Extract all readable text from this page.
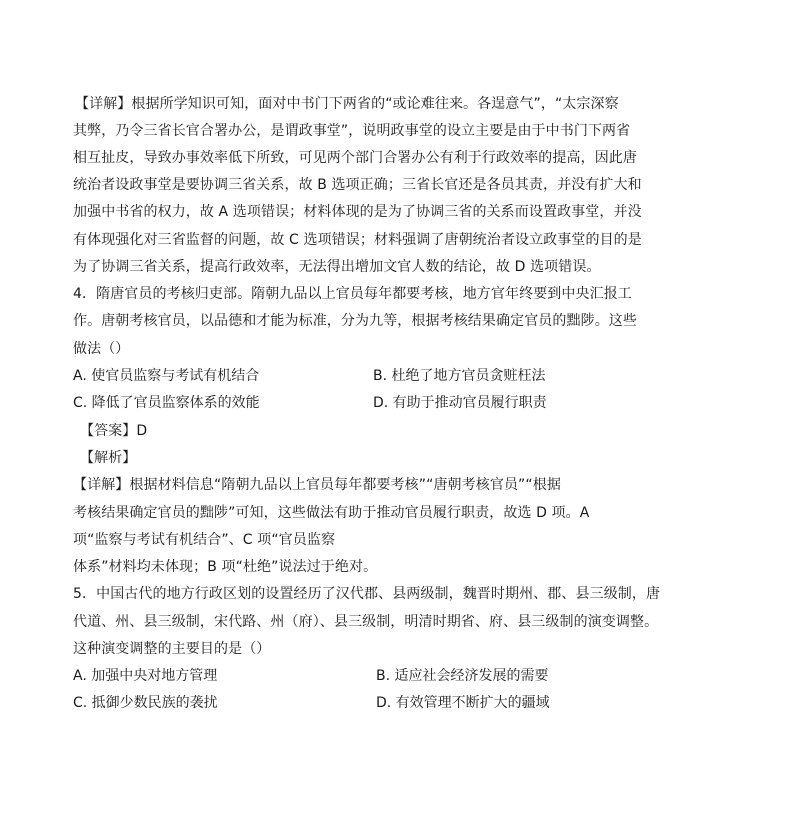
【详解】根据所学知识可知，面对中书门下两省的“或论难往来。各逞意气”，“太宗深察
其弊，乃令三省长官合署办公，是谓政事堂”，说明政事堂的设立主要是由于中书门下两省
相互扯皮，导致办事效率低下所致，可见两个部门合署办公有利于行政效率的提高，因此唐
统治者设政事堂是要协调三省关系，故 B 选项正确；三省长官还是各员其责，并没有扩大和
加强中书省的权力，故 A 选项错误；材料体现的是为了协调三省的关系而设置政事堂，并没
有体现强化对三省监督的问题，故 C 选项错误；材料强调了唐朝统治者设立政事堂的目的是
为了协调三省关系，提高行政效率，无法得出增加文官人数的结论，故 D 选项错误。
4．隋唐官员的考核归吏部。隋朝九品以上官员每年都要考核，地方官年终要到中央汇报工
作。唐朝考核官员，以品德和才能为标准，分为九等，根据考核结果确定官员的黜陟。这些
做法（）
A. 使官员监察与考试有机结合	B. 杜绝了地方官员贪赃枉法
C. 降低了官员监察体系的效能	D. 有助于推动官员履行职责
【答案】D
【解析】
【详解】根据材料信息“隋朝九品以上官员每年都要考核”“唐朝考核官员”“根据
考核结果确定官员的黜陟”可知，这些做法有助于推动官员履行职责，故选 D 项。A
项“监察与考试有机结合”、C 项“官员监察
体系”材料均未体现；B 项“杜绝”说法过于绝对。
5．中国古代的地方行政区划的设置经历了汉代郡、县两级制，魏晋时期州、郡、县三级制，唐
代道、州、县三级制，宋代路、州（府）、县三级制，明清时期省、府、县三级制的演变调整。
这种演变调整的主要目的是（）
A. 加强中央对地方管理	B. 适应社会经济发展的需要
C. 抵御少数民族的袭扰	D. 有效管理不断扩大的疆域
